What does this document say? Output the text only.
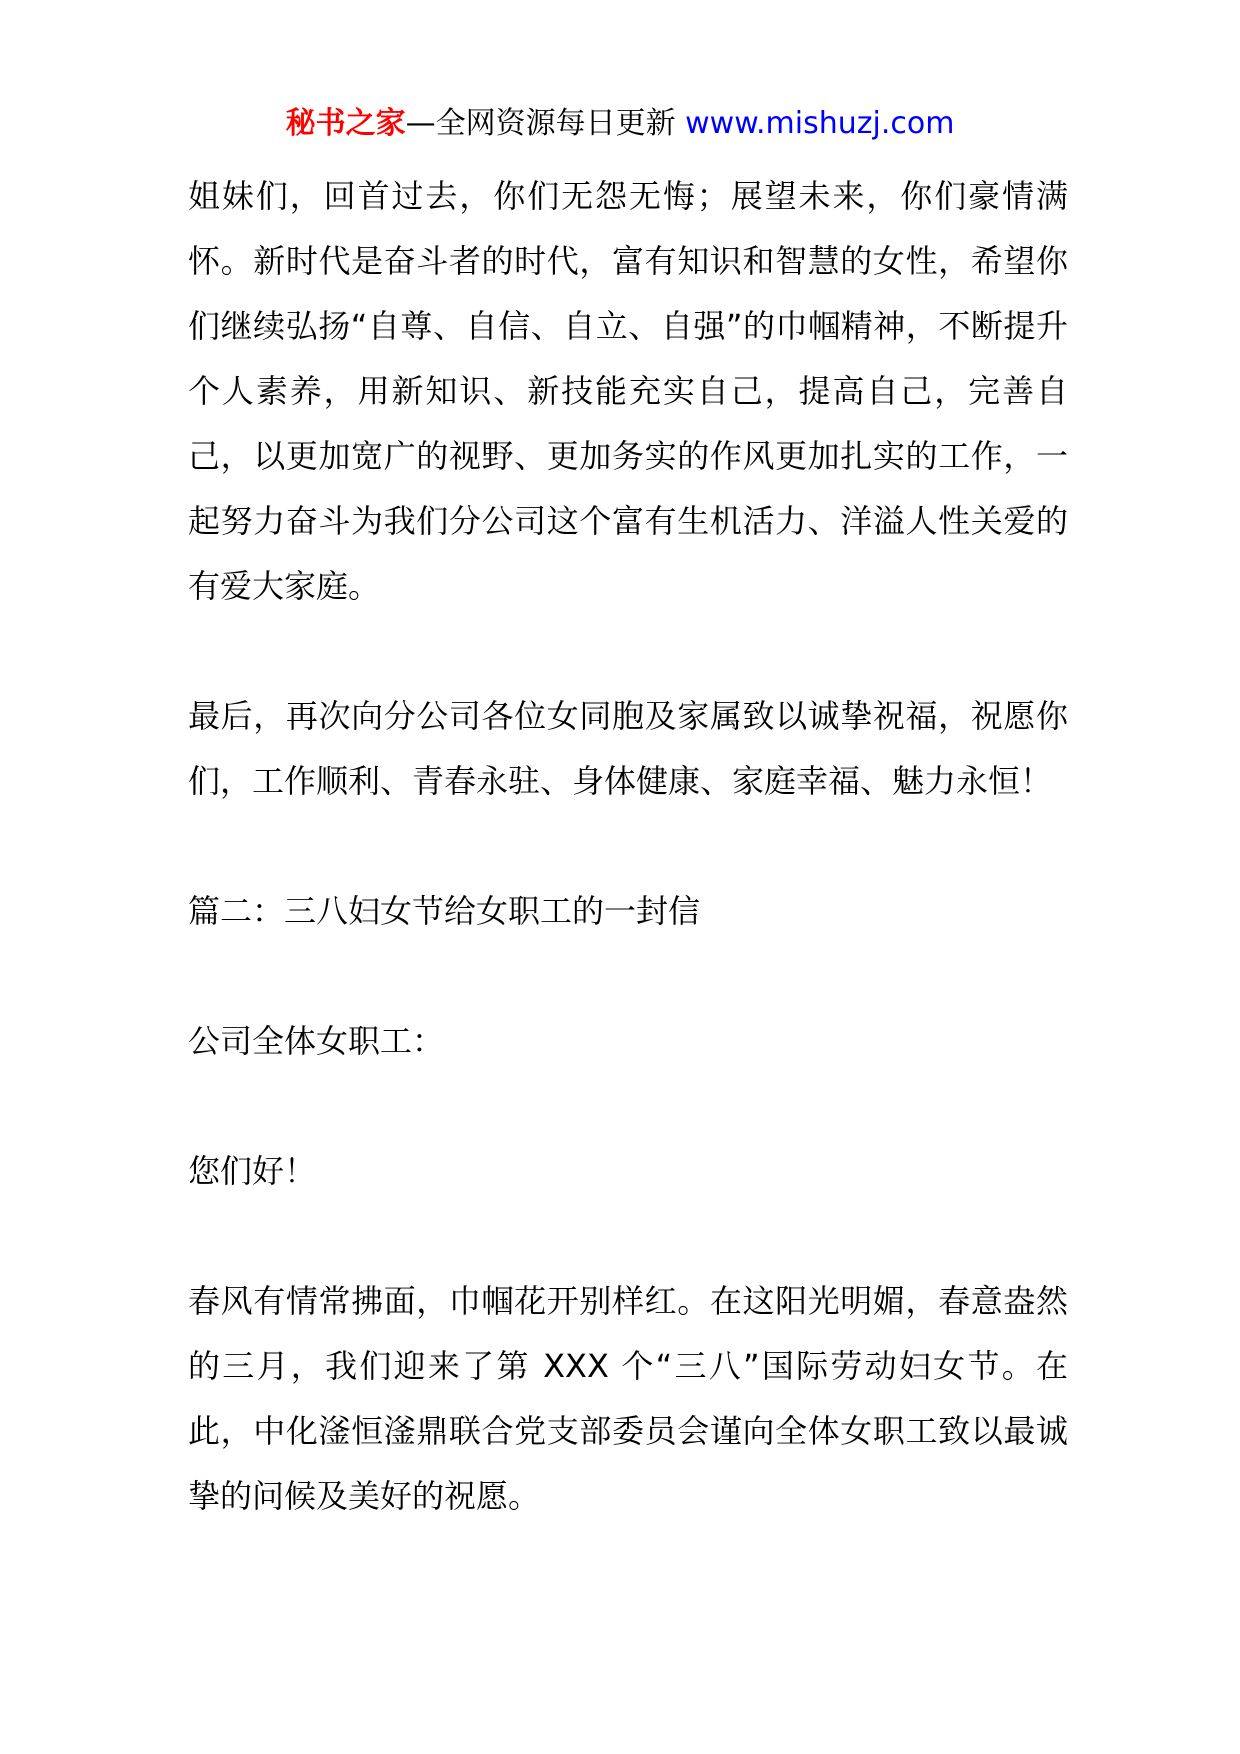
秘书之家—全网资源每日更新 www.mishuzj.com

姐妹们，回首过去，你们无怨无悔；展望未来，你们豪情满怀。新时代是奋斗者的时代，富有知识和智慧的女性，希望你们继续弘扬“自尊、自信、自立、自强”的巾帼精神，不断提升个人素养，用新知识、新技能充实自己，提高自己，完善自己，以更加宽广的视野、更加务实的作风更加扎实的工作，一起努力奋斗为我们分公司这个富有生机活力、洋溢人性关爱的有爱大家庭。

最后，再次向分公司各位女同胞及家属致以诚挚祝福，祝愿你们，工作顺利、青春永驻、身体健康、家庭幸福、魅力永恒！

篇二：三八妇女节给女职工的一封信

公司全体女职工：

您们好！

春风有情常拂面，巾帼花开别样红。在这阳光明媚，春意盎然的三月，我们迎来了第 XXX 个“三八”国际劳动妇女节。在此，中化滏恒滏鼎联合党支部委员会谨向全体女职工致以最诚挚的问候及美好的祝愿。
